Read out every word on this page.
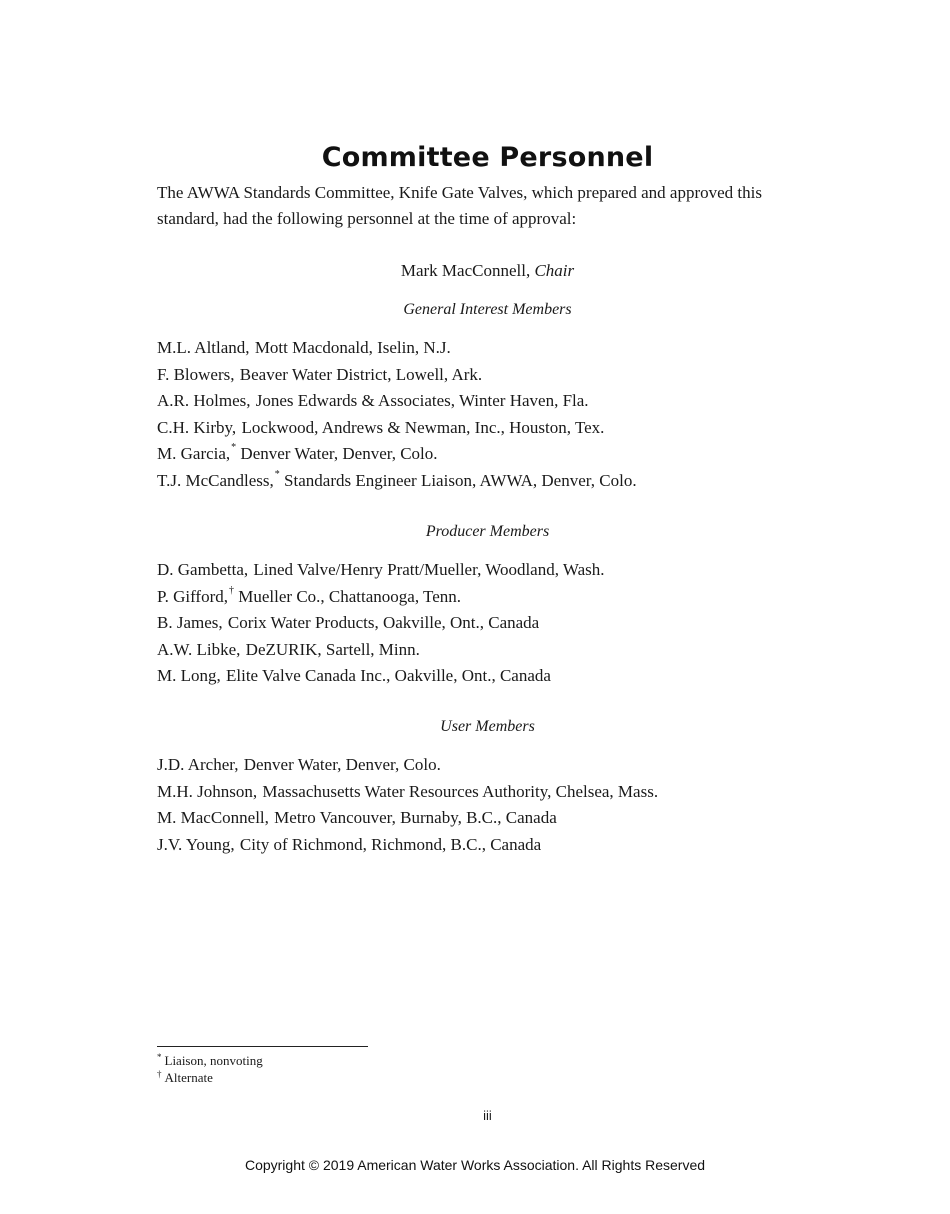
Committee Personnel

The AWWA Standards Committee, Knife Gate Valves, which prepared and approved this standard, had the following personnel at the time of approval:

Mark MacConnell, Chair
General Interest Members
M.L. Altland, Mott Macdonald, Iselin, N.J.
F. Blowers, Beaver Water District, Lowell, Ark.
A.R. Holmes, Jones Edwards & Associates, Winter Haven, Fla.
C.H. Kirby, Lockwood, Andrews & Newman, Inc., Houston, Tex.
M. Garcia,* Denver Water, Denver, Colo.
T.J. McCandless,* Standards Engineer Liaison, AWWA, Denver, Colo.
Producer Members
D. Gambetta, Lined Valve/Henry Pratt/Mueller, Woodland, Wash.
P. Gifford,† Mueller Co., Chattanooga, Tenn.
B. James, Corix Water Products, Oakville, Ont., Canada
A.W. Libke, DeZURIK, Sartell, Minn.
M. Long, Elite Valve Canada Inc., Oakville, Ont., Canada
User Members
J.D. Archer, Denver Water, Denver, Colo.
M.H. Johnson, Massachusetts Water Resources Authority, Chelsea, Mass.
M. MacConnell, Metro Vancouver, Burnaby, B.C., Canada
J.V. Young, City of Richmond, Richmond, B.C., Canada
* Liaison, nonvoting
† Alternate
iii
Copyright © 2019 American Water Works Association. All Rights Reserved
